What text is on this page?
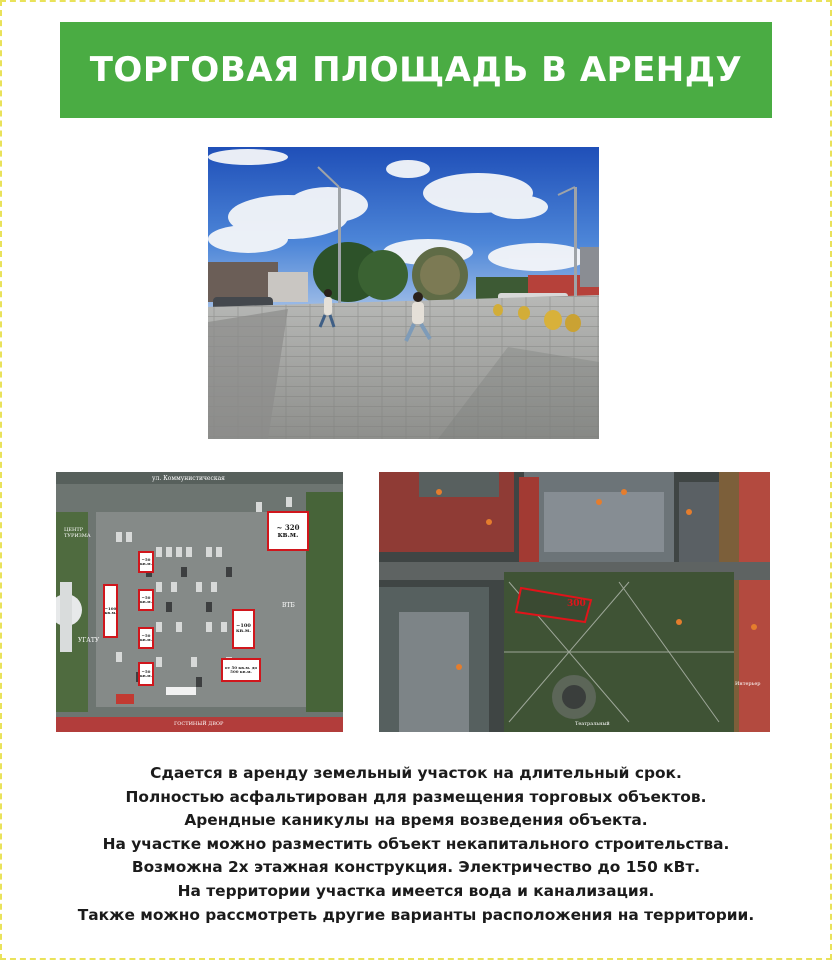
ТОРГОВАЯ ПЛОЩАДЬ В АРЕНДУ
ул. Коммунистическая
ЦЕНТР ТУРИЗМА
УГАТУ
ГОСТИНЫЙ ДВОР
ВТБ
~ 320 кв.м.
~50 кв.м.
~50 кв.м.
~50 кв.м.
~50 кв.м.
~100 кв.м.
~100 кв.м.
от 50 кв.м. до 500 кв.м.
300
Театральный
Интерьер
Сдается в аренду земельный участок на длительный срок.
Полностью асфальтирован для размещения торговых объектов.
Арендные каникулы на время возведения объекта.
На участке можно разместить объект некапитального строительства.
Возможна 2х этажная конструкция. Электричество до 150 кВт.
На территории участка имеется вода и канализация.
Также можно рассмотреть другие варианты расположения на территории.
